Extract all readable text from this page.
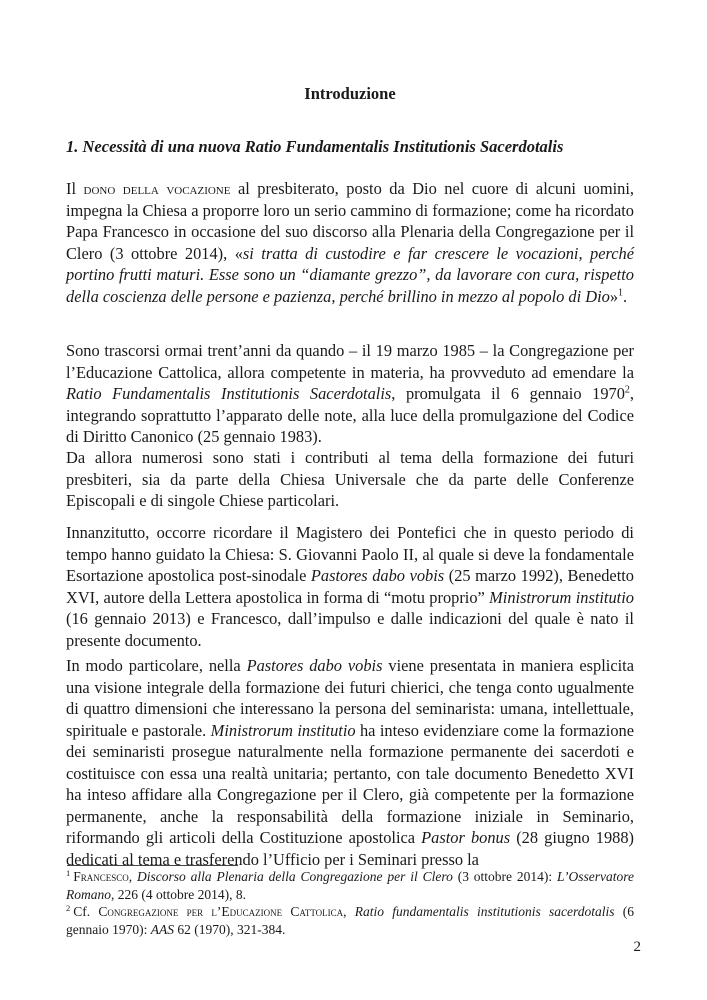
Introduzione
1. Necessità di una nuova Ratio Fundamentalis Institutionis Sacerdotalis

Il dono della vocazione al presbiterato, posto da Dio nel cuore di alcuni uomini, impegna la Chiesa a proporre loro un serio cammino di formazione; come ha ricordato Papa Francesco in occasione del suo discorso alla Plenaria della Congregazione per il Clero (3 ottobre 2014), «si tratta di custodire e far crescere le vocazioni, perché portino frutti maturi. Esse sono un “diamante grezzo”, da lavorare con cura, rispetto della coscienza delle persone e pazienza, perché brillino in mezzo al popolo di Dio»$^1$.

Sono trascorsi ormai trent’anni da quando – il 19 marzo 1985 – la Congregazione per l’Educazione Cattolica, allora competente in materia, ha provveduto ad emendare la Ratio Fundamentalis Institutionis Sacerdotalis, promulgata il 6 gennaio 1970$^2$, integrando soprattutto l’apparato delle note, alla luce della promulgazione del Codice di Diritto Canonico (25 gennaio 1983).

Da allora numerosi sono stati i contributi al tema della formazione dei futuri presbiteri, sia da parte della Chiesa Universale che da parte delle Conferenze Episcopali e di singole Chiese particolari.

Innanzitutto, occorre ricordare il Magistero dei Pontefici che in questo periodo di tempo hanno guidato la Chiesa: S. Giovanni Paolo II, al quale si deve la fondamentale Esortazione apostolica post-sinodale Pastores dabo vobis (25 marzo 1992), Benedetto XVI, autore della Lettera apostolica in forma di “motu proprio” Ministrorum institutio (16 gennaio 2013) e Francesco, dall’impulso e dalle indicazioni del quale è nato il presente documento.

In modo particolare, nella Pastores dabo vobis viene presentata in maniera esplicita una visione integrale della formazione dei futuri chierici, che tenga conto ugualmente di quattro dimensioni che interessano la persona del seminarista: umana, intellettuale, spirituale e pastorale. Ministrorum institutio ha inteso evidenziare come la formazione dei seminaristi prosegue naturalmente nella formazione permanente dei sacerdoti e costituisce con essa una realtà unitaria; pertanto, con tale documento Benedetto XVI ha inteso affidare alla Congregazione per il Clero, già competente per la formazione permanente, anche la responsabilità della formazione iniziale in Seminario, riformando gli articoli della Costituzione apostolica Pastor bonus (28 giugno 1988) dedicati al tema e trasferendo l’Ufficio per i Seminari presso la

$^1$ Francesco, Discorso alla Plenaria della Congregazione per il Clero (3 ottobre 2014): L’Osservatore Romano, 226 (4 ottobre 2014), 8.

$^2$ Cf. Congregazione per l’Educazione Cattolica, Ratio fundamentalis institutionis sacerdotalis (6 gennaio 1970): AAS 62 (1970), 321-384.

2
